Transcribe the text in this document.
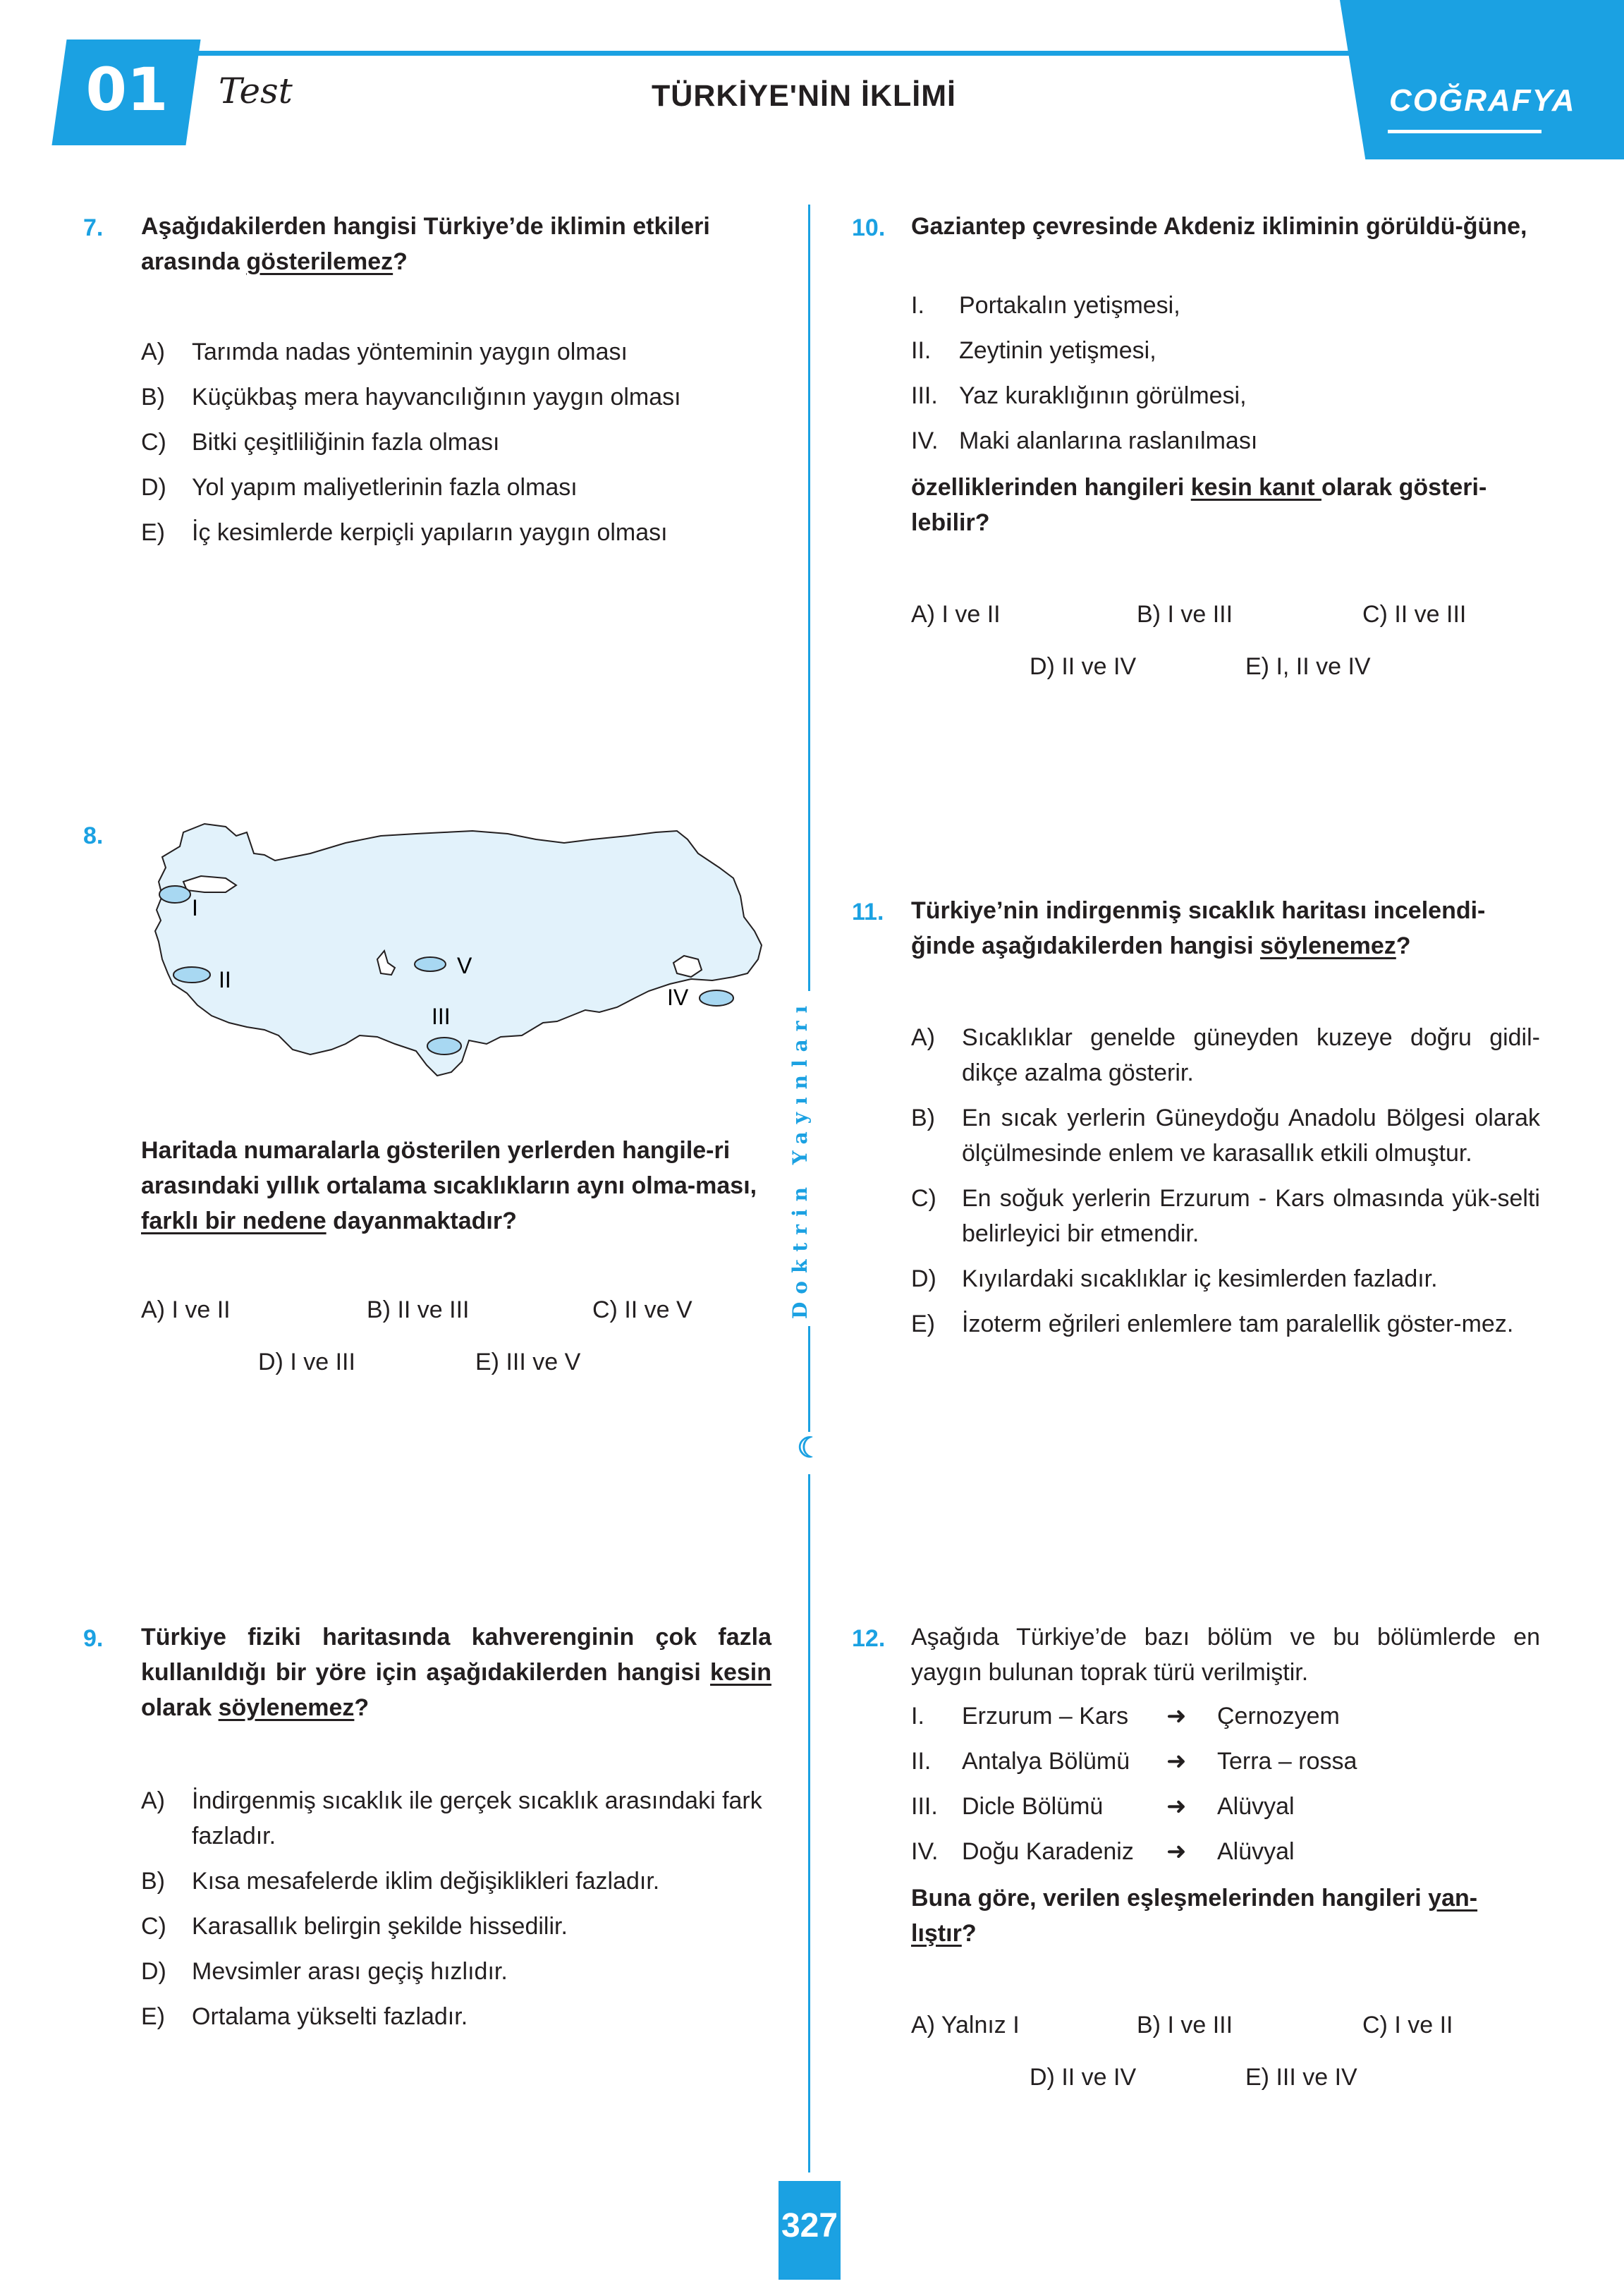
01	Test	TÜRKİYE'NİN İKLİMİ	COĞRAFYA
☾
Doktrin Yayınları
327
7. Aşağıdakilerden hangisi Türkiye’de iklimin etkileri arasında gösterilemez?
A) Tarımda nadas yönteminin yaygın olması
B) Küçükbaş mera hayvancılığının yaygın olması
C) Bitki çeşitliliğinin fazla olması
D) Yol yapım maliyetlerinin fazla olması
E) İç kesimlerde kerpiçli yapıların yaygın olması
8.
I
II
III
IV
V
Haritada numaralarla gösterilen yerlerden hangile-ri arasındaki yıllık ortalama sıcaklıkların aynı olma-ması, farklı bir nedene dayanmaktadır?
A) I ve II	B) II ve III	C) II ve V
D) I ve III	E) III ve V
9. Türkiye fiziki haritasında kahverenginin çok fazla kullanıldığı bir yöre için aşağıdakilerden hangisi kesin olarak söylenemez?
A)	İndirgenmiş sıcaklık ile gerçek sıcaklık arasındaki fark fazladır.
B) Kısa mesafelerde iklim değişiklikleri fazladır.
C) Karasallık belirgin şekilde hissedilir.
D) Mevsimler arası geçiş hızlıdır.
E) Ortalama yükselti fazladır.
10. Gaziantep çevresinde Akdeniz ikliminin görüldü-ğüne,
I. Portakalın yetişmesi,
II. Zeytinin yetişmesi,
III. Yaz kuraklığının görülmesi,
IV. Maki alanlarına raslanılması
özelliklerinden hangileri kesin kanıt olarak gösteri-lebilir?
A) I ve II	B) I ve III	C) II ve III
D) II ve IV	E) I, II ve IV
11. Türkiye’nin indirgenmiş sıcaklık haritası incelendi-ğinde aşağıdakilerden hangisi söylenemez?
A)	Sıcaklıklar genelde güneyden kuzeye doğru gidil-dikçe azalma gösterir.
B)	En sıcak yerlerin Güneydoğu Anadolu Bölgesi olarak ölçülmesinde enlem ve karasallık etkili olmuştur.
C)	En soğuk yerlerin Erzurum - Kars olmasında yük-selti belirleyici bir etmendir.
D)	Kıyılardaki sıcaklıklar iç kesimlerden fazladır.
E)	İzoterm eğrileri enlemlere tam paralellik göster-mez.
12. Aşağıda Türkiye’de bazı bölüm ve bu bölümlerde en yaygın bulunan toprak türü verilmiştir.
I. Erzurum – Kars ➜ Çernozyem
II. Antalya Bölümü ➜ Terra – rossa
III. Dicle Bölümü	➜ Alüvyal
IV. Doğu Karadeniz ➜ Alüvyal
Buna göre, verilen eşleşmelerinden hangileri yan-lıştır?
A) Yalnız I	B) I ve III	C) I ve II
D) II ve IV	E) III ve IV
